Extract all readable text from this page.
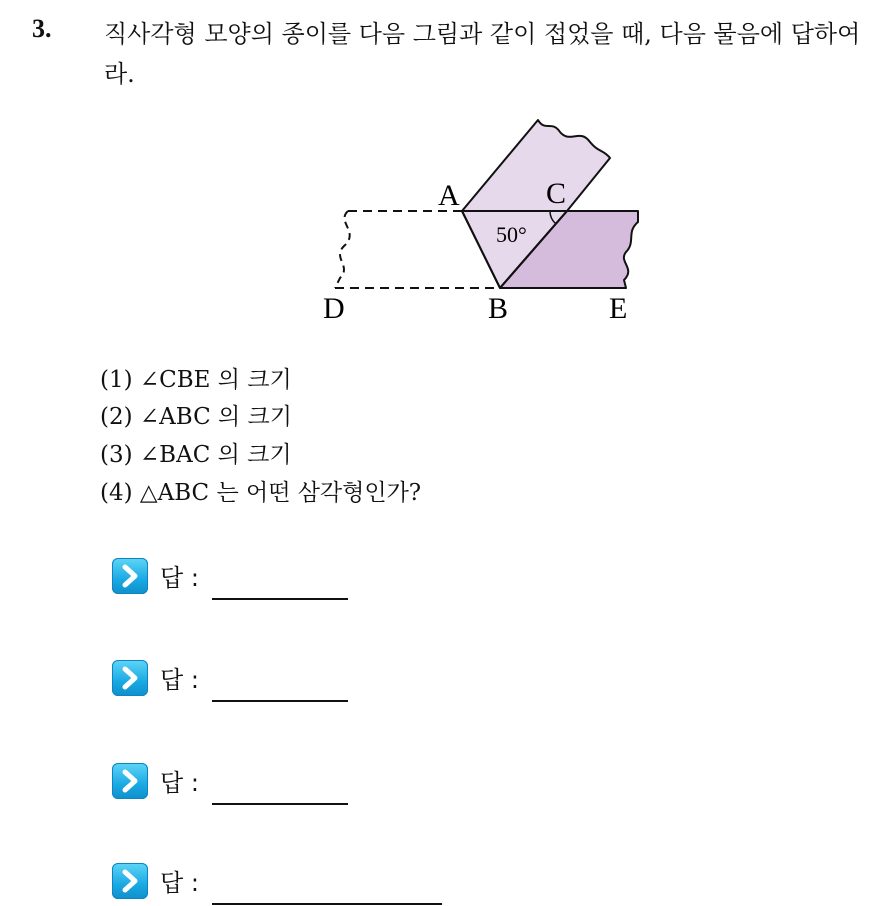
3. 직사각형 모양의 종이를 다음 그림과 같이 접었을 때, 다음 물음에 답하여라.
A	C
D	B	E
50°
(1) ∠CBE 의 크기
(2) ∠ABC 의 크기
(3) ∠BAC 의 크기
(4) △ABC 는 어떤 삼각형인가?
답 :
답 :
답 :
답 :
